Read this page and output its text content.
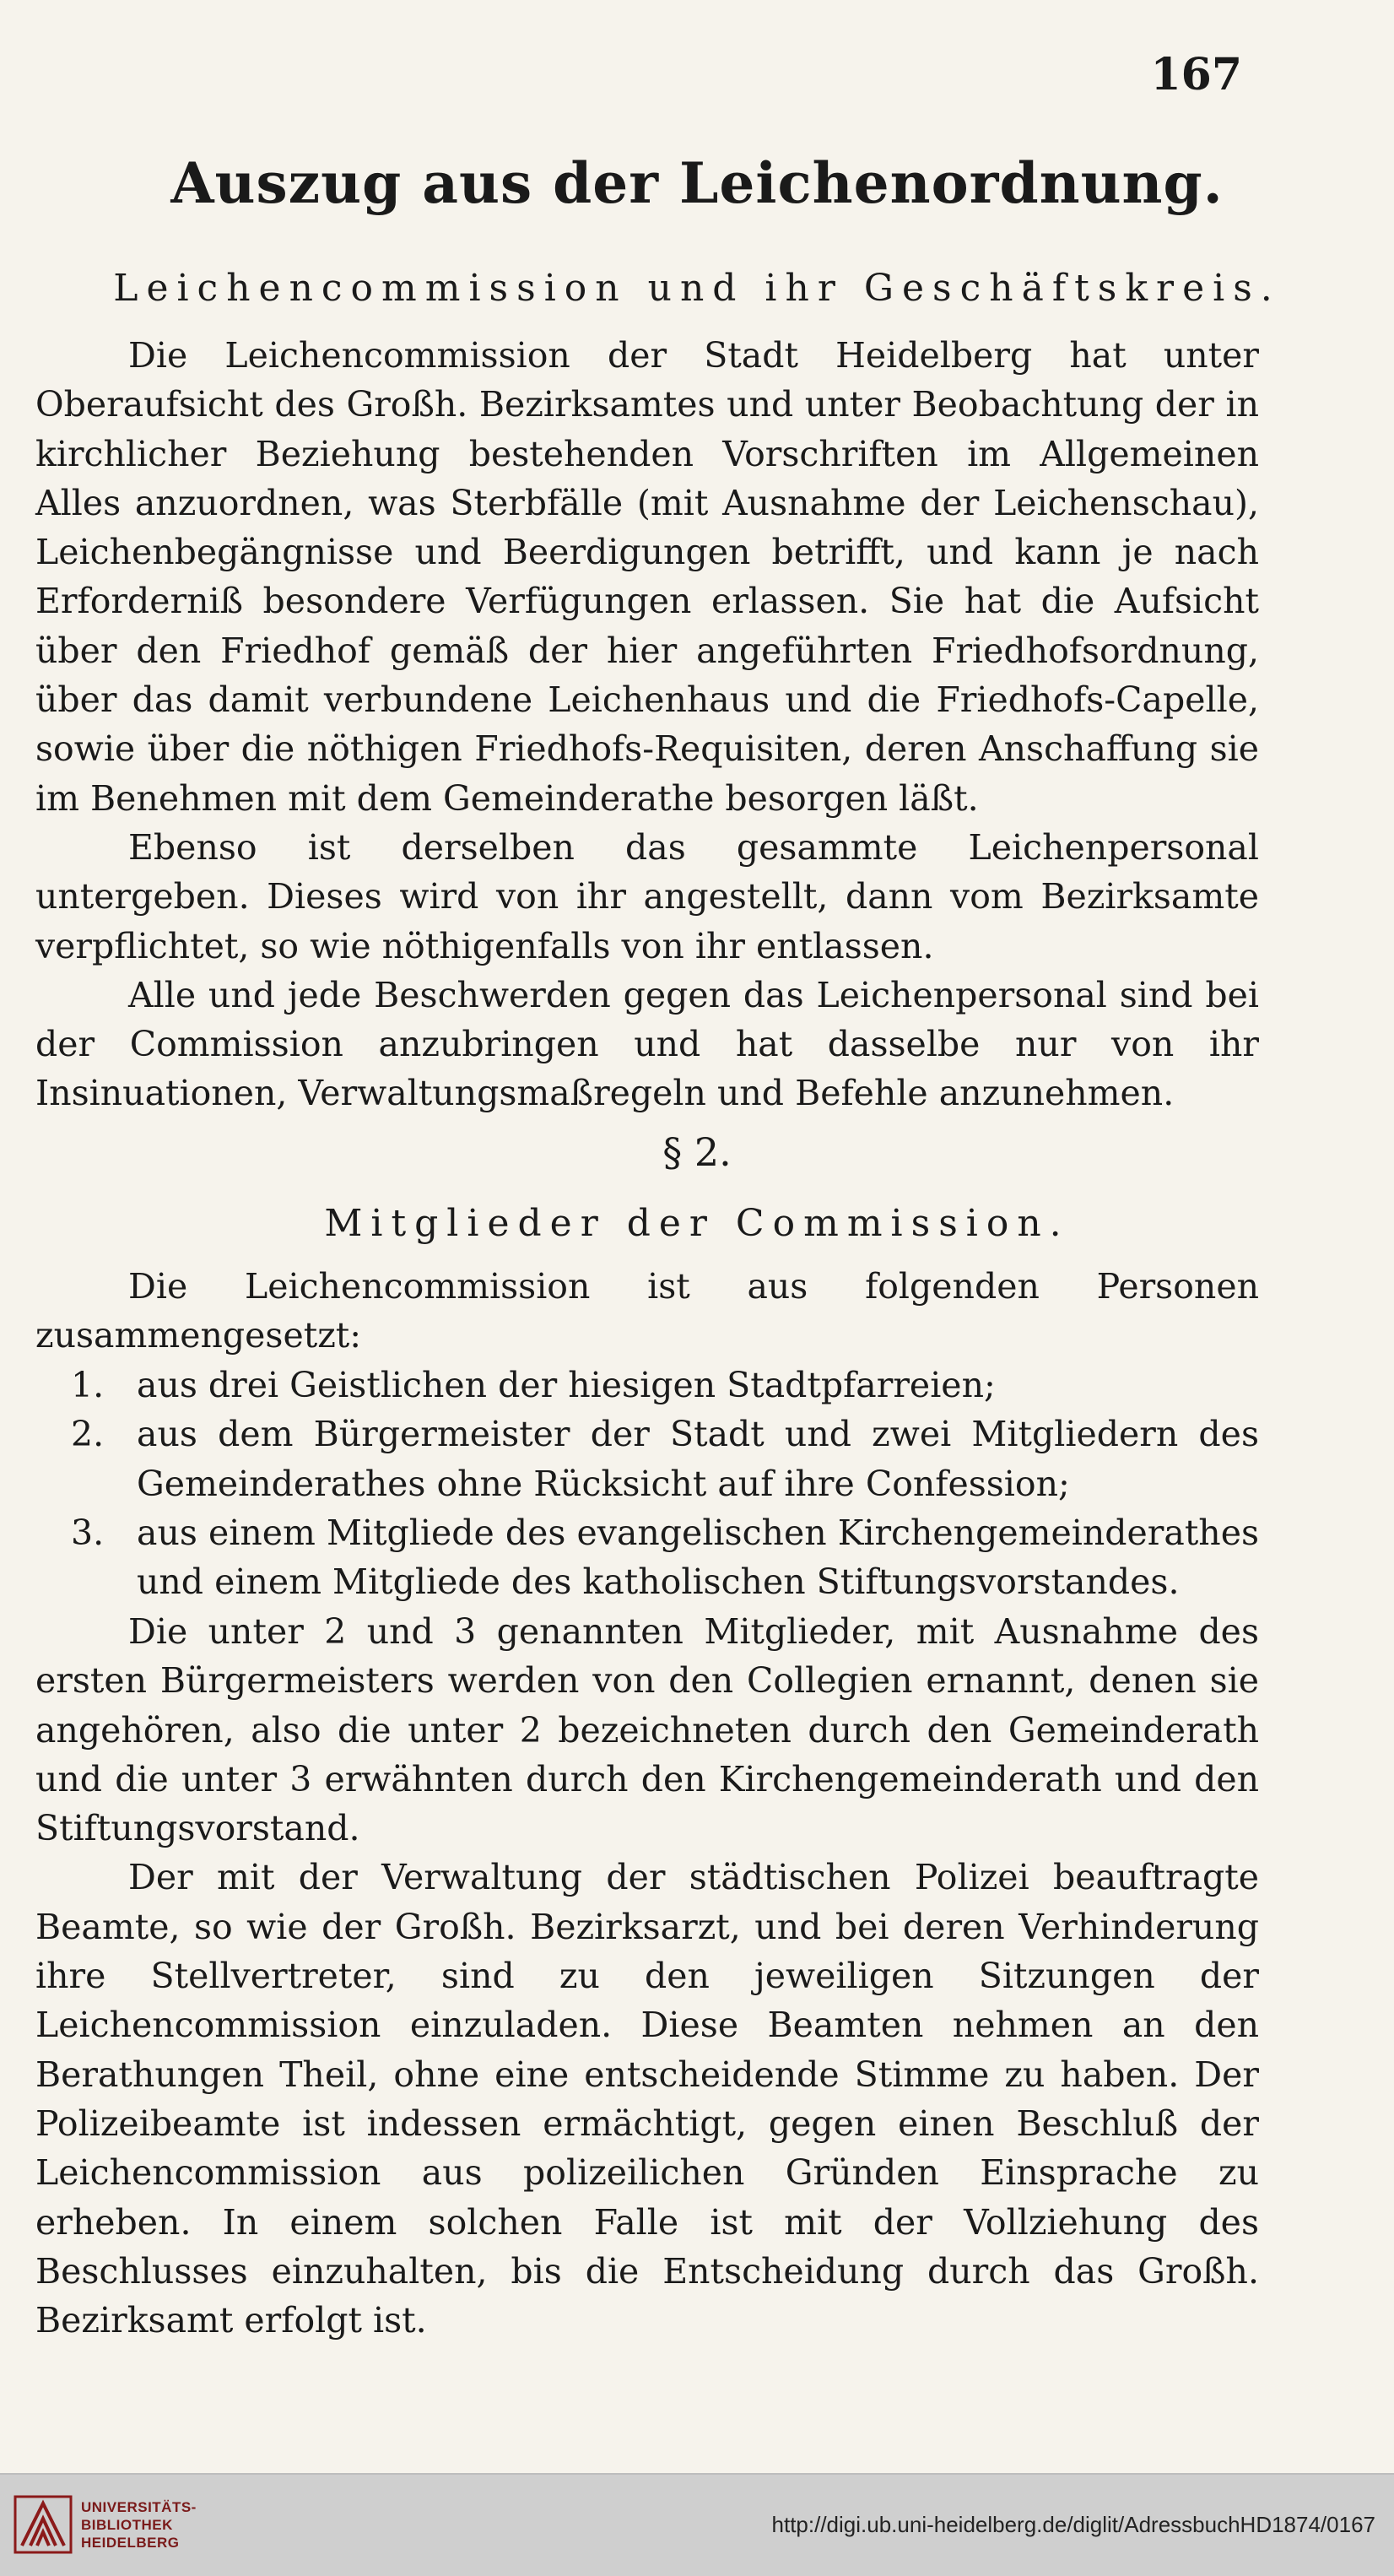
167
Auszug aus der Leichenordnung.
Leichencommission und ihr Geschäftskreis.

Die Leichencommission der Stadt Heidelberg hat unter Oberaufsicht des Großh. Bezirksamtes und unter Beobachtung der in kirchlicher Beziehung bestehenden Vorschriften im Allgemeinen Alles anzuordnen, was Sterbfälle (mit Ausnahme der Leichenschau), Leichenbegängnisse und Beerdigungen betrifft, und kann je nach Erforderniß besondere Verfügungen erlassen. Sie hat die Aufsicht über den Friedhof gemäß der hier angeführten Friedhofsordnung, über das damit verbundene Leichenhaus und die Friedhofs-Capelle, sowie über die nöthigen Friedhofs-Requisiten, deren Anschaffung sie im Benehmen mit dem Gemeinderathe besorgen läßt.

Ebenso ist derselben das gesammte Leichenpersonal untergeben. Dieses wird von ihr angestellt, dann vom Bezirksamte verpflichtet, so wie nöthigenfalls von ihr entlassen.

Alle und jede Beschwerden gegen das Leichenpersonal sind bei der Commission anzubringen und hat dasselbe nur von ihr Insinuationen, Verwaltungsmaßregeln und Befehle anzunehmen.

§ 2.
Mitglieder der Commission.

Die Leichencommission ist aus folgenden Personen zusammengesetzt:

1. aus drei Geistlichen der hiesigen Stadtpfarreien;
2. aus dem Bürgermeister der Stadt und zwei Mitgliedern des Gemeinderathes ohne Rücksicht auf ihre Confession;
3. aus einem Mitgliede des evangelischen Kirchengemeinderathes und einem Mitgliede des katholischen Stiftungsvorstandes.

Die unter 2 und 3 genannten Mitglieder, mit Ausnahme des ersten Bürgermeisters werden von den Collegien ernannt, denen sie angehören, also die unter 2 bezeichneten durch den Gemeinderath und die unter 3 erwähnten durch den Kirchengemeinderath und den Stiftungsvorstand.

Der mit der Verwaltung der städtischen Polizei beauftragte Beamte, so wie der Großh. Bezirksarzt, und bei deren Verhinderung ihre Stellvertreter, sind zu den jeweiligen Sitzungen der Leichencommission einzuladen. Diese Beamten nehmen an den Berathungen Theil, ohne eine entscheidende Stimme zu haben. Der Polizeibeamte ist indessen ermächtigt, gegen einen Beschluß der Leichencommission aus polizeilichen Gründen Einsprache zu erheben. In einem solchen Falle ist mit der Vollziehung des Beschlusses einzuhalten, bis die Entscheidung durch das Großh. Bezirksamt erfolgt ist.

UNIVERSITÄTS-
BIBLIOTHEK
HEIDELBERG
http://digi.ub.uni-heidelberg.de/diglit/AdressbuchHD1874/0167
